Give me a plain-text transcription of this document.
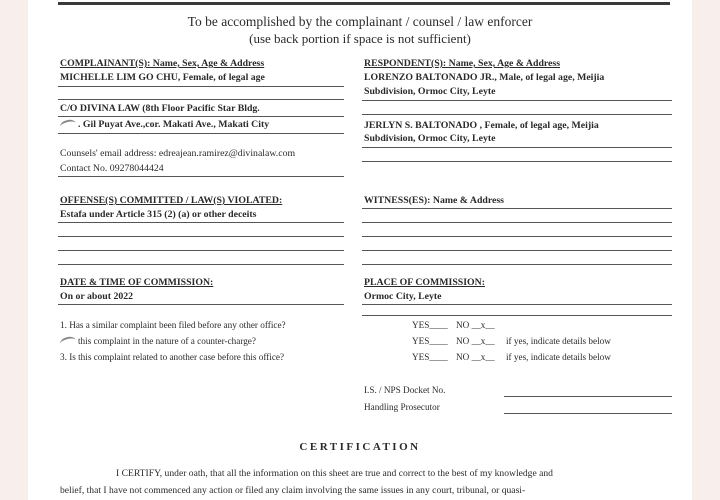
To be accomplished by the complainant / counsel / law enforcer
(use back portion if space is not sufficient)
COMPLAINANT(S): Name, Sex, Age & Address
MICHELLE LIM GO CHU, Female, of legal age
C/O DIVINA LAW (8th Floor Pacific Star Bldg.
. Gil Puyat Ave.,cor. Makati Ave., Makati City
Counsels' email address: edreajean.ramirez@divinalaw.com
Contact No. 09278044424
RESPONDENT(S): Name, Sex, Age & Address
LORENZO BALTONADO JR., Male, of legal age, Meijia
Subdivision, Ormoc City, Leyte
JERLYN S. BALTONADO , Female, of legal age, Meijia
Subdivision, Ormoc City, Leyte
OFFENSE(S) COMMITTED / LAW(S) VIOLATED:
Estafa under Article 315 (2) (a) or other deceits
WITNESS(ES): Name & Address
DATE & TIME OF COMMISSION:
On or about 2022
PLACE OF COMMISSION:
Ormoc City, Leyte
1. Has a similar complaint been filed before any other office?	YES____ NO __x__
this complaint in the nature of a counter-charge?	YES____ NO __x__ if yes, indicate details below
3. Is this complaint related to another case before this office?	YES____ NO __x__ if yes, indicate details below
I.S. / NPS Docket No.
Handling Prosecutor
CERTIFICATION
I CERTIFY, under oath, that all the information on this sheet are true and correct to the best of my knowledge and
belief, that I have not commenced any action or filed any claim involving the same issues in any court, tribunal, or quasi-
